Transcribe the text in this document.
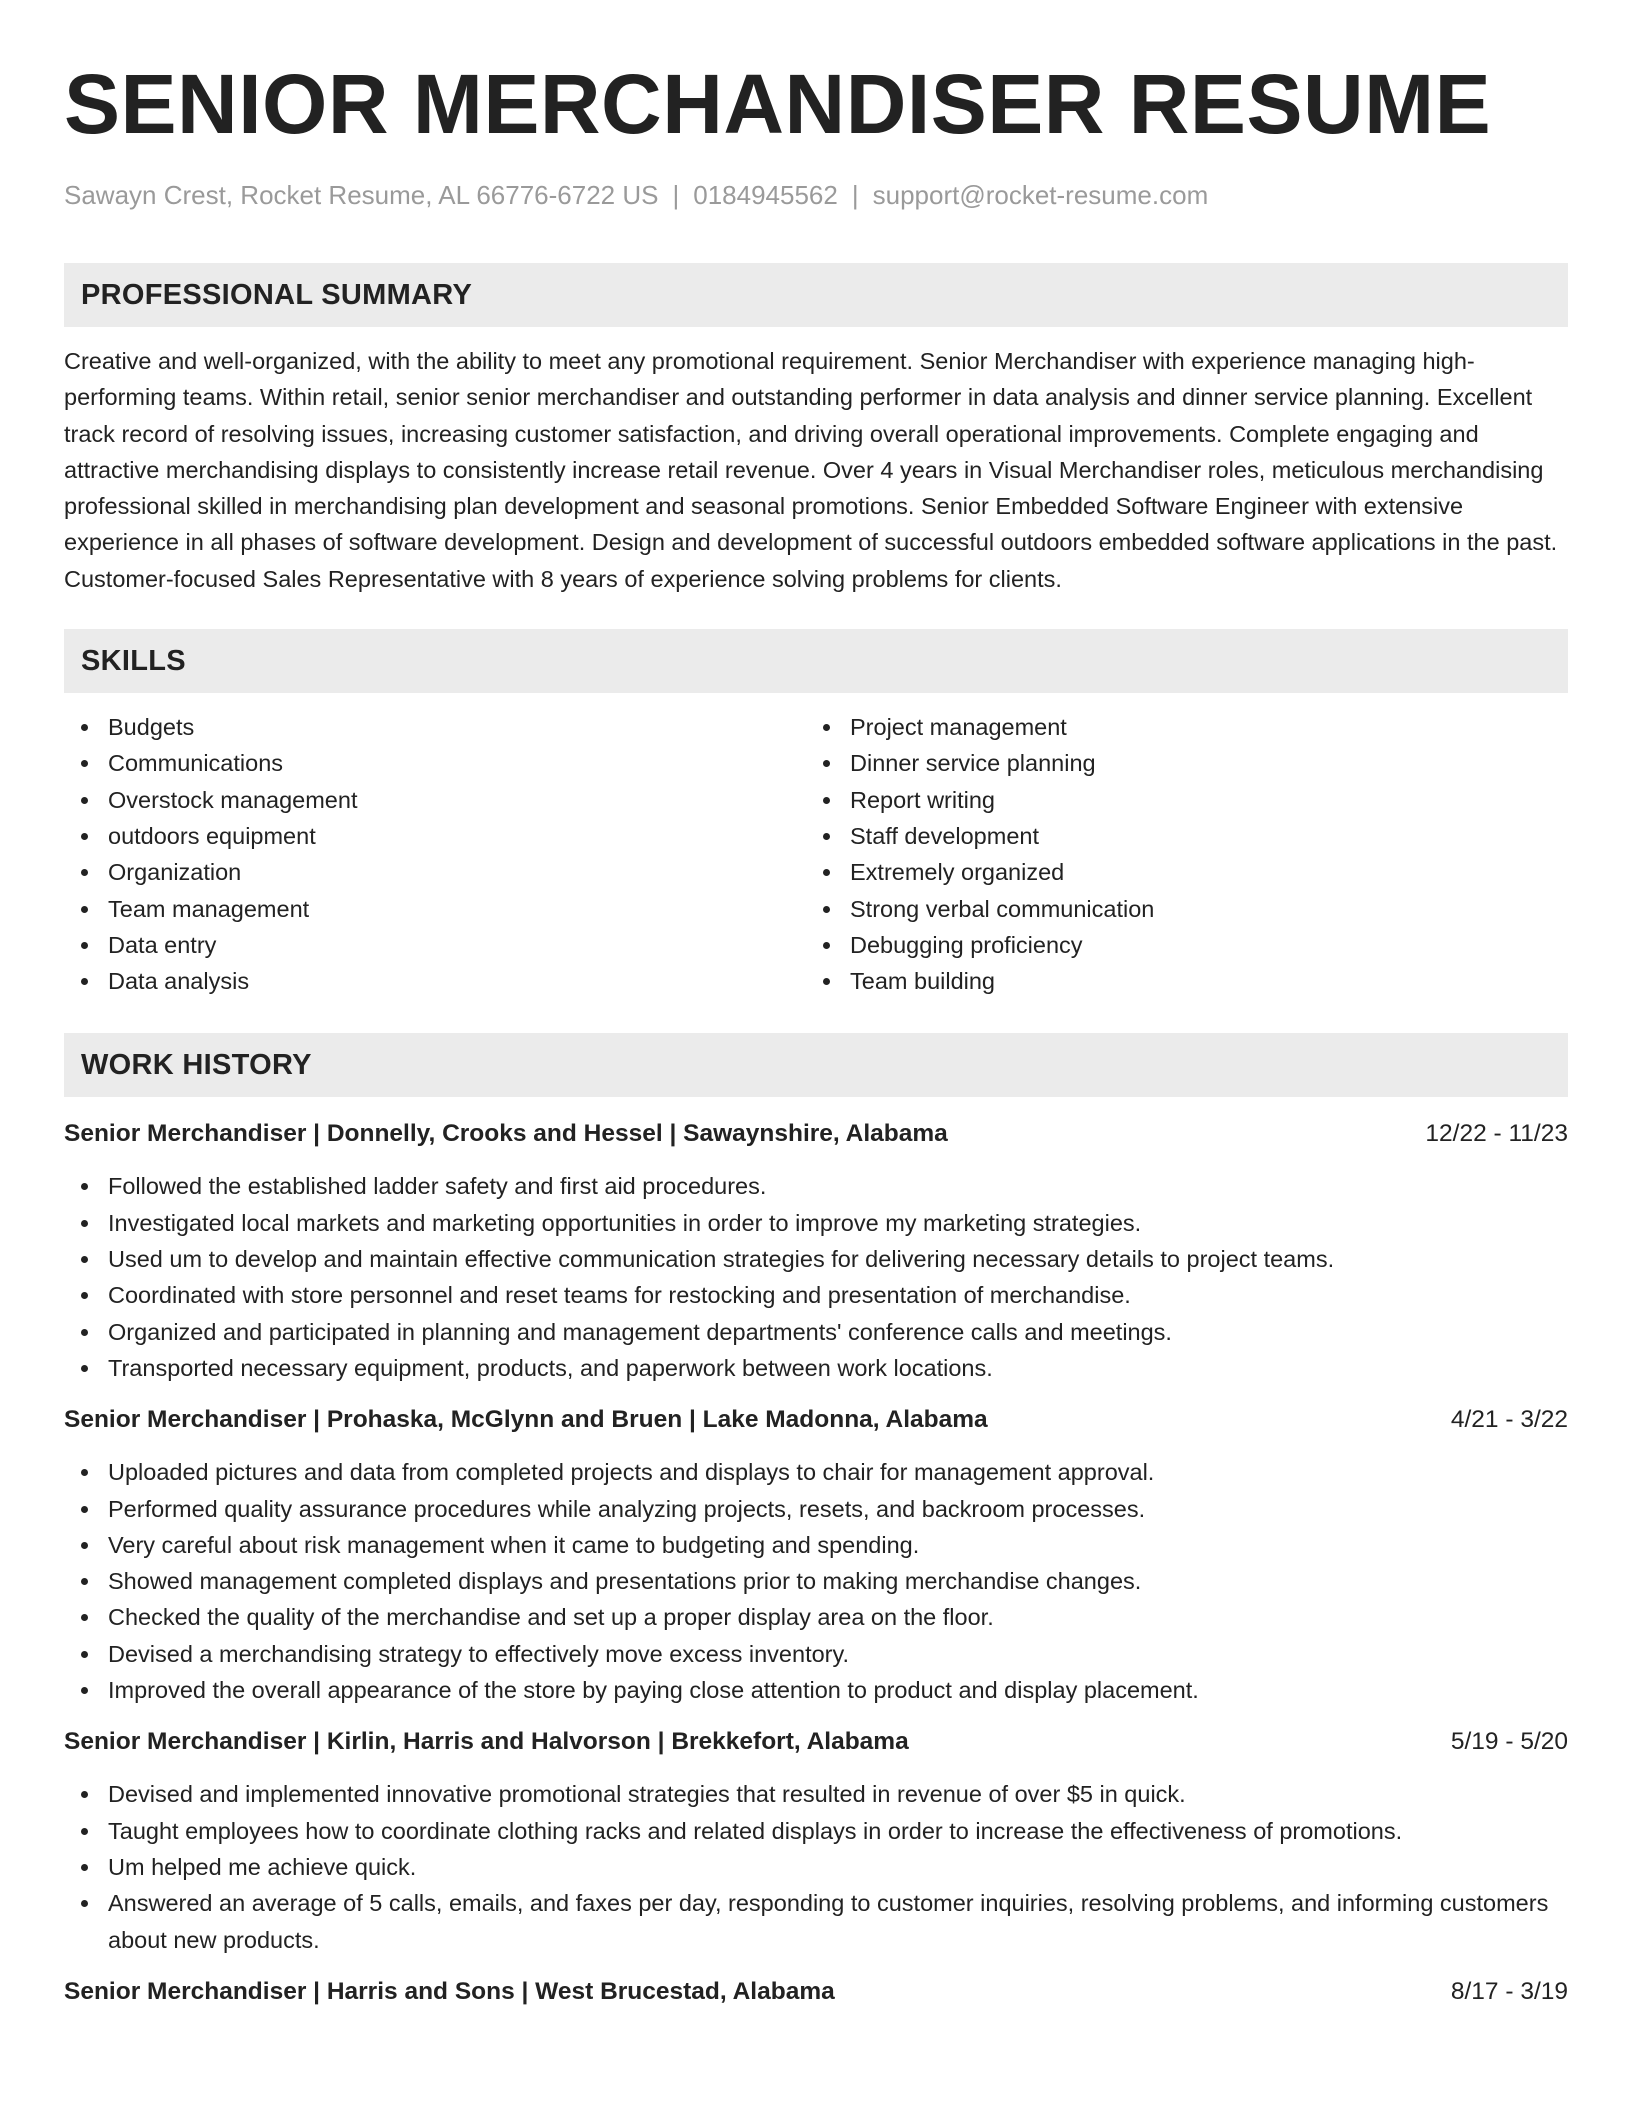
SENIOR MERCHANDISER RESUME
Sawayn Crest, Rocket Resume, AL 66776-6722 US | 0184945562 | support@rocket-resume.com
PROFESSIONAL SUMMARY
Creative and well-organized, with the ability to meet any promotional requirement. Senior Merchandiser with experience managing high-performing teams. Within retail, senior senior merchandiser and outstanding performer in data analysis and dinner service planning. Excellent track record of resolving issues, increasing customer satisfaction, and driving overall operational improvements. Complete engaging and attractive merchandising displays to consistently increase retail revenue. Over 4 years in Visual Merchandiser roles, meticulous merchandising professional skilled in merchandising plan development and seasonal promotions. Senior Embedded Software Engineer with extensive experience in all phases of software development. Design and development of successful outdoors embedded software applications in the past. Customer-focused Sales Representative with 8 years of experience solving problems for clients.
SKILLS
Budgets
Communications
Overstock management
outdoors equipment
Organization
Team management
Data entry
Data analysis
Project management
Dinner service planning
Report writing
Staff development
Extremely organized
Strong verbal communication
Debugging proficiency
Team building
WORK HISTORY
Senior Merchandiser | Donnelly, Crooks and Hessel | Sawaynshire, Alabama	12/22 - 11/23
Followed the established ladder safety and first aid procedures.
Investigated local markets and marketing opportunities in order to improve my marketing strategies.
Used um to develop and maintain effective communication strategies for delivering necessary details to project teams.
Coordinated with store personnel and reset teams for restocking and presentation of merchandise.
Organized and participated in planning and management departments' conference calls and meetings.
Transported necessary equipment, products, and paperwork between work locations.
Senior Merchandiser | Prohaska, McGlynn and Bruen | Lake Madonna, Alabama	4/21 - 3/22
Uploaded pictures and data from completed projects and displays to chair for management approval.
Performed quality assurance procedures while analyzing projects, resets, and backroom processes.
Very careful about risk management when it came to budgeting and spending.
Showed management completed displays and presentations prior to making merchandise changes.
Checked the quality of the merchandise and set up a proper display area on the floor.
Devised a merchandising strategy to effectively move excess inventory.
Improved the overall appearance of the store by paying close attention to product and display placement.
Senior Merchandiser | Kirlin, Harris and Halvorson | Brekkefort, Alabama	5/19 - 5/20
Devised and implemented innovative promotional strategies that resulted in revenue of over $5 in quick.
Taught employees how to coordinate clothing racks and related displays in order to increase the effectiveness of promotions.
Um helped me achieve quick.
Answered an average of 5 calls, emails, and faxes per day, responding to customer inquiries, resolving problems, and informing customers about new products.
Senior Merchandiser | Harris and Sons | West Brucestad, Alabama	8/17 - 3/19
